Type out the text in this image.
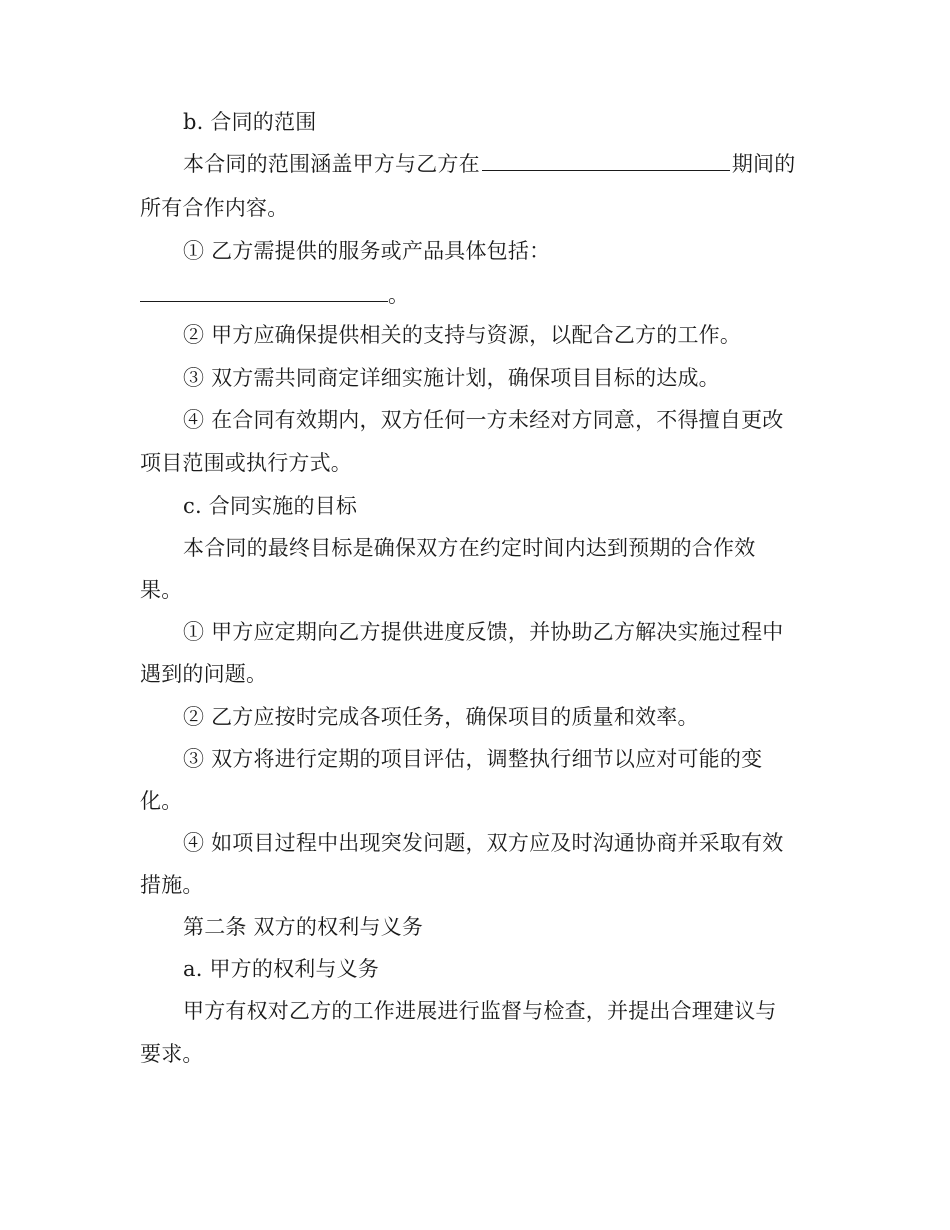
b. 合同的范围
本合同的范围涵盖甲方与乙方在	期间的
所有合作内容。
① 乙方需提供的服务或产品具体包括：
。
② 甲方应确保提供相关的支持与资源，以配合乙方的工作。
③ 双方需共同商定详细实施计划，确保项目目标的达成。
④ 在合同有效期内，双方任何一方未经对方同意，不得擅自更改
项目范围或执行方式。
c. 合同实施的目标
本合同的最终目标是确保双方在约定时间内达到预期的合作效
果。
① 甲方应定期向乙方提供进度反馈，并协助乙方解决实施过程中
遇到的问题。
② 乙方应按时完成各项任务，确保项目的质量和效率。
③ 双方将进行定期的项目评估，调整执行细节以应对可能的变
化。
④ 如项目过程中出现突发问题，双方应及时沟通协商并采取有效
措施。
第二条 双方的权利与义务
a. 甲方的权利与义务
甲方有权对乙方的工作进展进行监督与检查，并提出合理建议与
要求。
